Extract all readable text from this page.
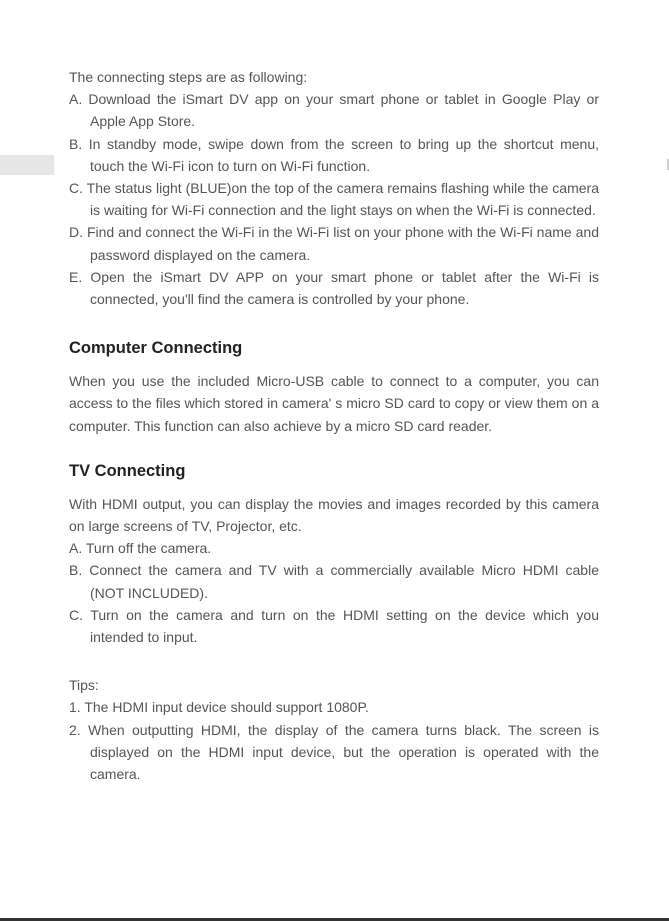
The connecting steps are as following:

A. Download the iSmart DV app on your smart phone or tablet in Google Play or Apple App Store.
B. In standby mode, swipe down from the screen to bring up the shortcut menu, touch the Wi-Fi icon to turn on Wi-Fi function.
C. The status light (BLUE)on the top of the camera remains flashing while the camera is waiting for Wi-Fi connection and the light stays on when the Wi-Fi is connected.
D. Find and connect the Wi-Fi in the Wi-Fi list on your phone with the Wi-Fi name and password displayed on the camera.
E. Open the iSmart DV APP on your smart phone or tablet after the Wi-Fi is connected, you'll find the camera is controlled by your phone.
Computer Connecting

When you use the included Micro-USB cable to connect to a computer, you can access to the files which stored in camera' s micro SD card to copy or view them on a computer. This function can also achieve by a micro SD card reader.

TV Connecting

With HDMI output, you can display the movies and images recorded by this camera on large screens of TV, Projector, etc.

A. Turn off the camera.
B. Connect the camera and TV with a commercially available Micro HDMI cable (NOT INCLUDED).
C. Turn on the camera and turn on the HDMI setting on the device which you intended to input.

Tips:

1. The HDMI input device should support 1080P.
2. When outputting HDMI, the display of the camera turns black. The screen is displayed on the HDMI input device, but the operation is operated with the camera.
